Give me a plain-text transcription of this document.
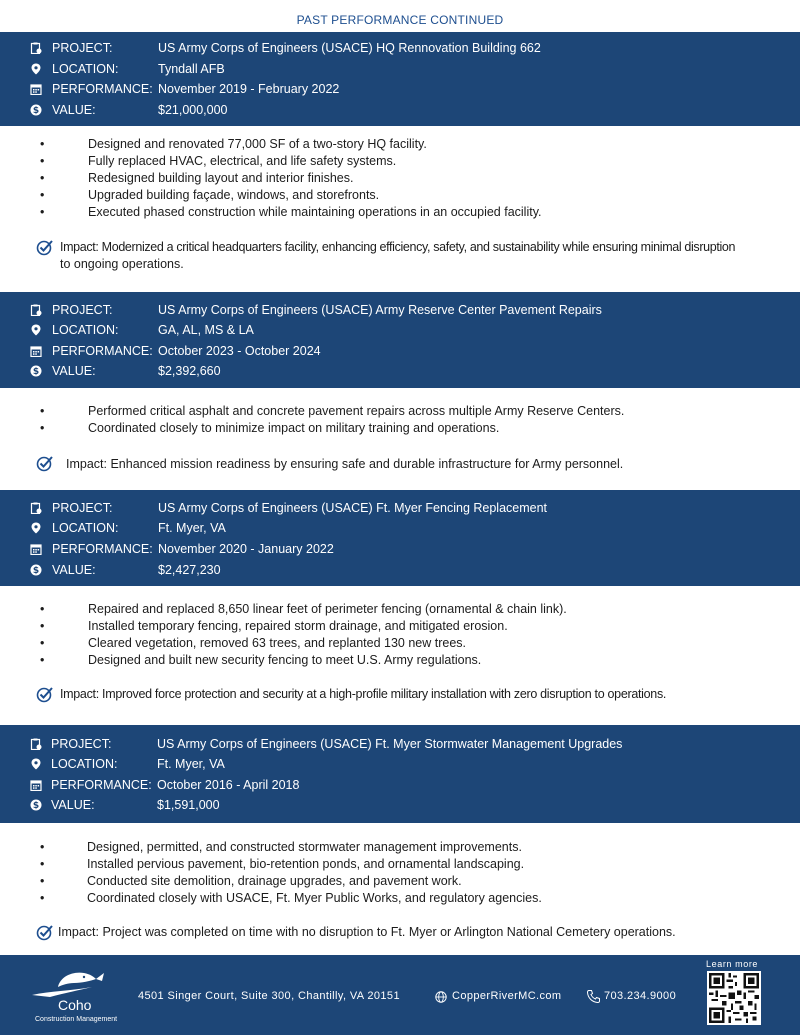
PAST PERFORMANCE CONTINUED
PROJECT:	US Army Corps of Engineers (USACE) HQ Rennovation Building 662
LOCATION:	Tyndall AFB
PERFORMANCE: November 2019 - February 2022
$ VALUE:	$21,000,000
•	Designed and renovated 77,000 SF of a two-story HQ facility.
•	Fully replaced HVAC, electrical, and life safety systems.
•	Redesigned building layout and interior finishes.
•	Upgraded building façade, windows, and storefronts.
•	Executed phased construction while maintaining operations in an occupied facility.
Impact: Modernized a critical headquarters facility, enhancing efficiency, safety, and sustainability while ensuring minimal disruption
to ongoing operations.
PROJECT:	US Army Corps of Engineers (USACE) Army Reserve Center Pavement Repairs
LOCATION:	GA, AL, MS & LA
PERFORMANCE: October 2023 - October 2024
$ VALUE:	$2,392,660
•	Performed critical asphalt and concrete pavement repairs across multiple Army Reserve Centers.
•	Coordinated closely to minimize impact on military training and operations.
Impact: Enhanced mission readiness by ensuring safe and durable infrastructure for Army personnel.
PROJECT:	US Army Corps of Engineers (USACE) Ft. Myer Fencing Replacement
LOCATION:	Ft. Myer, VA
PERFORMANCE: November 2020 - January 2022
$ VALUE:	$2,427,230
•	Repaired and replaced 8,650 linear feet of perimeter fencing (ornamental & chain link).
•	Installed temporary fencing, repaired storm drainage, and mitigated erosion.
•	Cleared vegetation, removed 63 trees, and replanted 130 new trees.
•	Designed and built new security fencing to meet U.S. Army regulations.
Impact: Improved force protection and security at a high-profile military installation with zero disruption to operations.
PROJECT:	US Army Corps of Engineers (USACE) Ft. Myer Stormwater Management Upgrades
LOCATION:	Ft. Myer, VA
PERFORMANCE: October 2016 - April 2018
$ VALUE:	$1,591,000
•	Designed, permitted, and constructed stormwater management improvements.
•	Installed pervious pavement, bio-retention ponds, and ornamental landscaping.
•	Conducted site demolition, drainage upgrades, and pavement work.
•	Coordinated closely with USACE, Ft. Myer Public Works, and regulatory agencies.
Impact: Project was completed on time with no disruption to Ft. Myer or Arlington National Cemetery operations.
Coho
Construction Management
4501 Singer Court, Suite 300, Chantilly, VA 20151	CopperRiverMC.com	703.234.9000
Learn more
